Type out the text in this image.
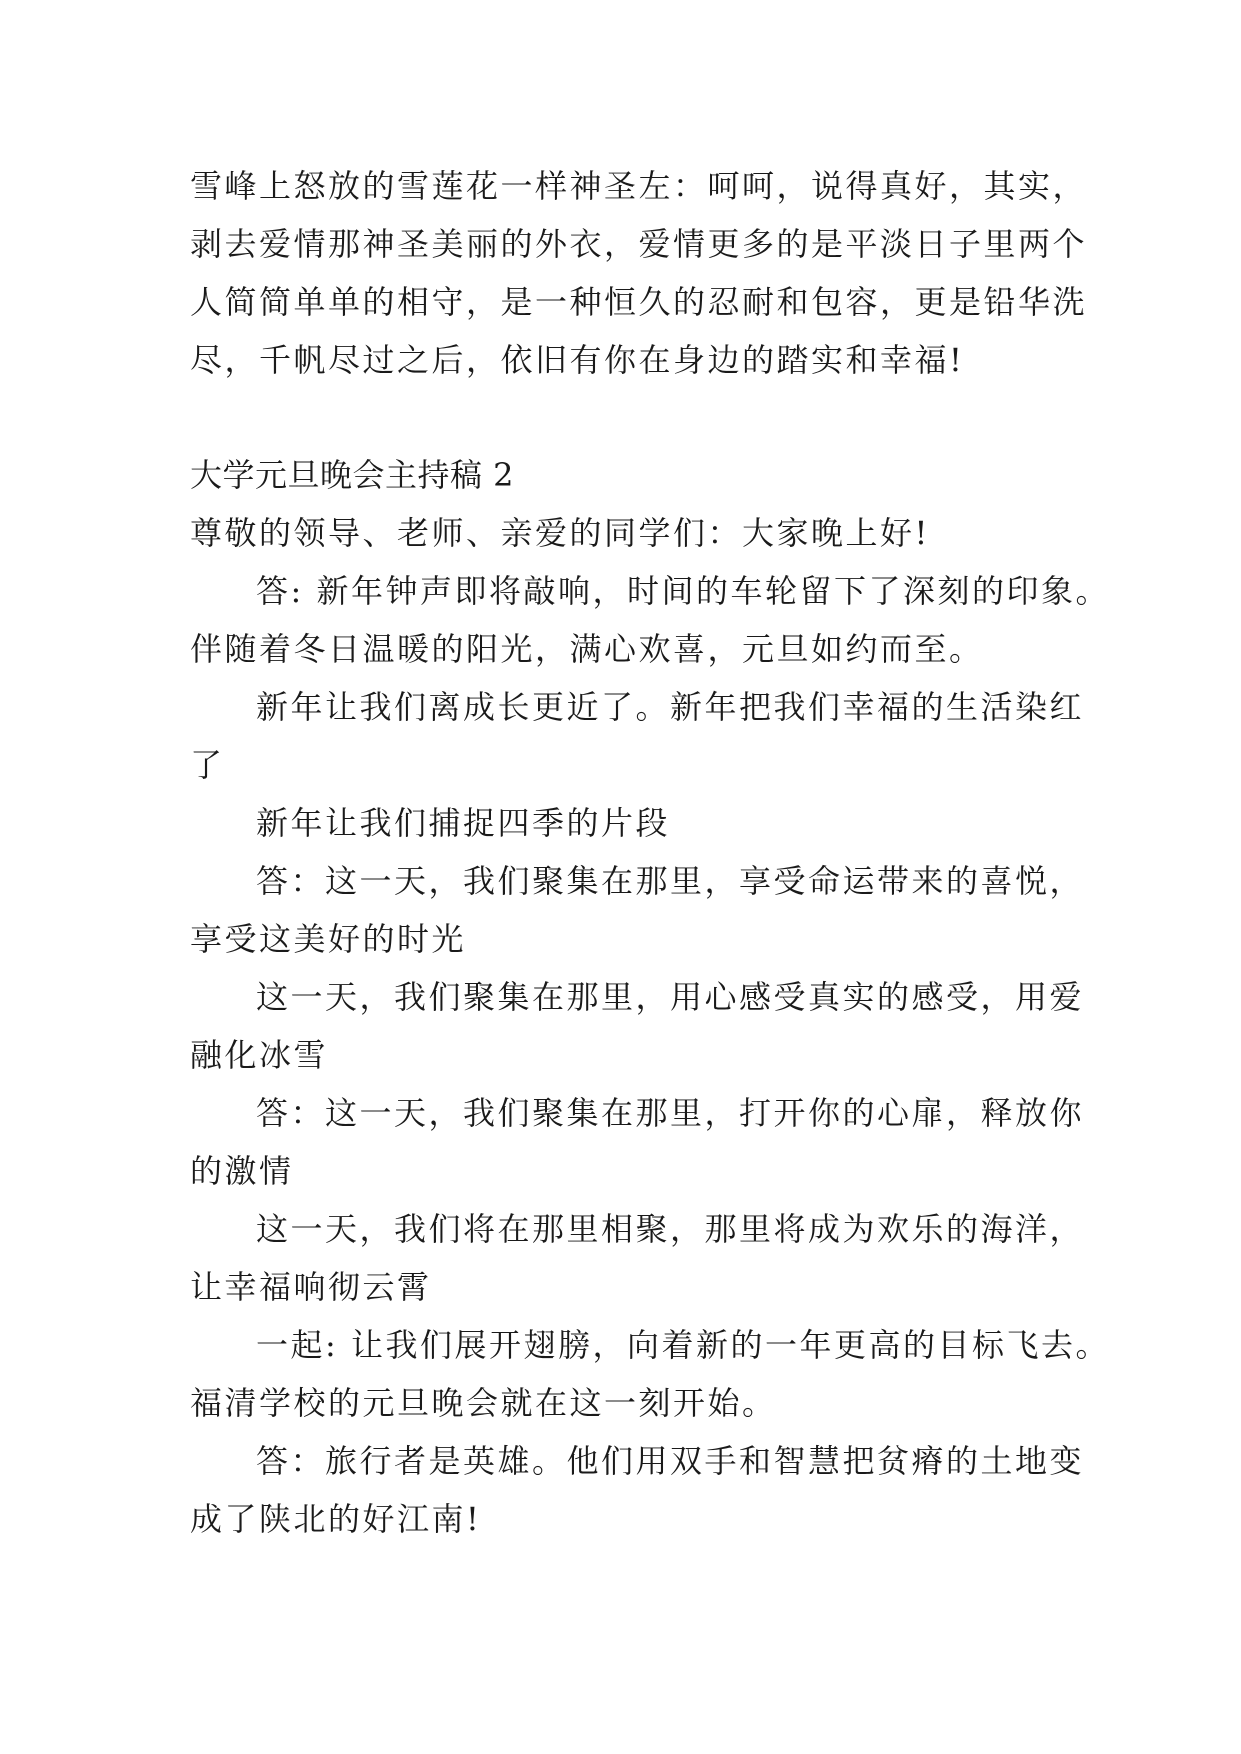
雪峰上怒放的雪莲花一样神圣左：呵呵，说得真好，其实，
剥去爱情那神圣美丽的外衣，爱情更多的是平淡日子里两个
人简简单单的相守，是一种恒久的忍耐和包容，更是铅华洗
尽，千帆尽过之后，依旧有你在身边的踏实和幸福!
大学元旦晚会主持稿 2
尊敬的领导、老师、亲爱的同学们：大家晚上好!
答: 新年钟声即将敲响，时间的车轮留下了深刻的印象。
伴随着冬日温暖的阳光，满心欢喜，元旦如约而至。
新年让我们离成长更近了。新年把我们幸福的生活染红
了
新年让我们捕捉四季的片段
答：这一天，我们聚集在那里，享受命运带来的喜悦，
享受这美好的时光
这一天，我们聚集在那里，用心感受真实的感受，用爱
融化冰雪
答：这一天，我们聚集在那里，打开你的心扉，释放你
的激情
这一天，我们将在那里相聚，那里将成为欢乐的海洋，
让幸福响彻云霄
一起: 让我们展开翅膀，向着新的一年更高的目标飞去。
福清学校的元旦晚会就在这一刻开始。
答：旅行者是英雄。他们用双手和智慧把贫瘠的土地变
成了陕北的好江南!
